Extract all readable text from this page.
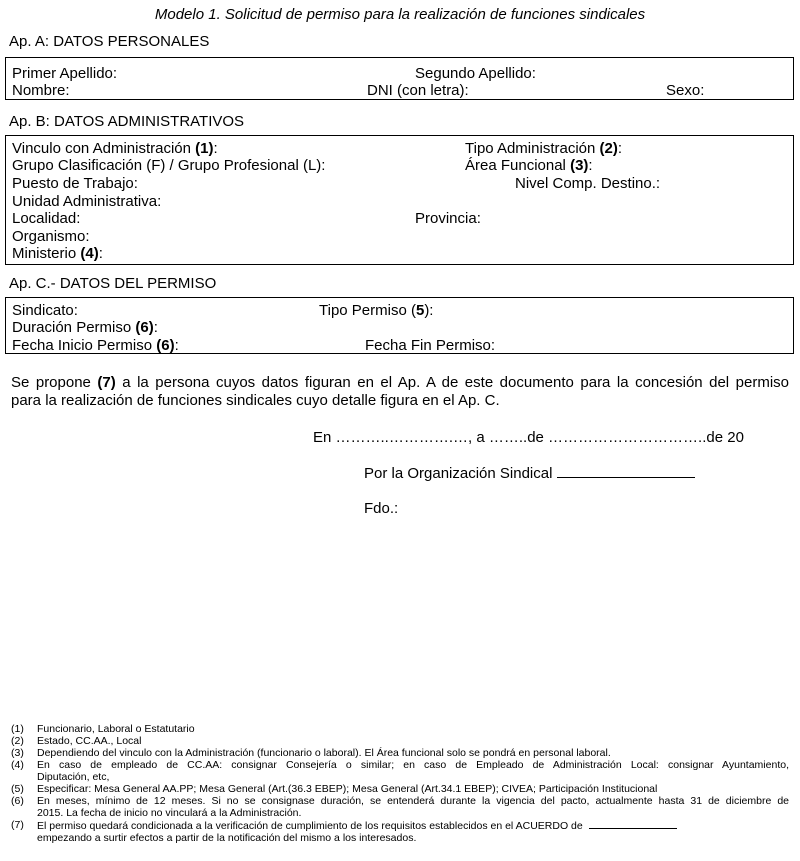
Modelo 1. Solicitud de permiso para la realización de funciones sindicales
Ap. A: DATOS PERSONALES
Primer Apellido:	Segundo Apellido:
Nombre:	DNI (con letra):	Sexo:
Ap. B: DATOS ADMINISTRATIVOS
Vinculo con Administración (1):	Tipo Administración (2):
Grupo Clasificación (F) / Grupo Profesional (L):	Área Funcional (3):
Puesto de Trabajo:	Nivel Comp. Destino.:
Unidad Administrativa:
Localidad:	Provincia:
Organismo:
Ministerio (4):
Ap. C.- DATOS DEL PERMISO
Sindicato:	Tipo Permiso (5):
Duración Permiso (6):
Fecha Inicio Permiso (6):	Fecha Fin Permiso:
Se propone (7) a la persona cuyos datos figuran en el Ap. A de este documento para la concesión del permiso
para la realización de funciones sindicales cuyo detalle figura en el Ap. C.
En ………..………….…, a ……..de …………………………..de 20
Por la Organización Sindical
Fdo.:
(1)	Funcionario, Laboral o Estatutario
(2)	Estado, CC.AA., Local
(3)	Dependiendo del vinculo con la Administración (funcionario o laboral). El Área funcional solo se pondrá en personal laboral.
(4)	En caso de empleado de CC.AA: consignar Consejería o similar; en caso de Empleado de Administración Local: consignar Ayuntamiento,
Diputación, etc,
(5)	Especificar: Mesa General AA.PP; Mesa General (Art.(36.3 EBEP); Mesa General (Art.34.1 EBEP); CIVEA; Participación Institucional
(6)	En meses, mínimo de 12 meses. Si no se consignase duración, se entenderá durante la vigencia del pacto, actualmente hasta 31 de diciembre de
2015. La fecha de inicio no vinculará a la Administración.
(7)	El permiso quedará condicionada a la verificación de cumplimiento de los requisitos establecidos en el ACUERDO de
empezando a surtir efectos a partir de la notificación del mismo a los interesados.
